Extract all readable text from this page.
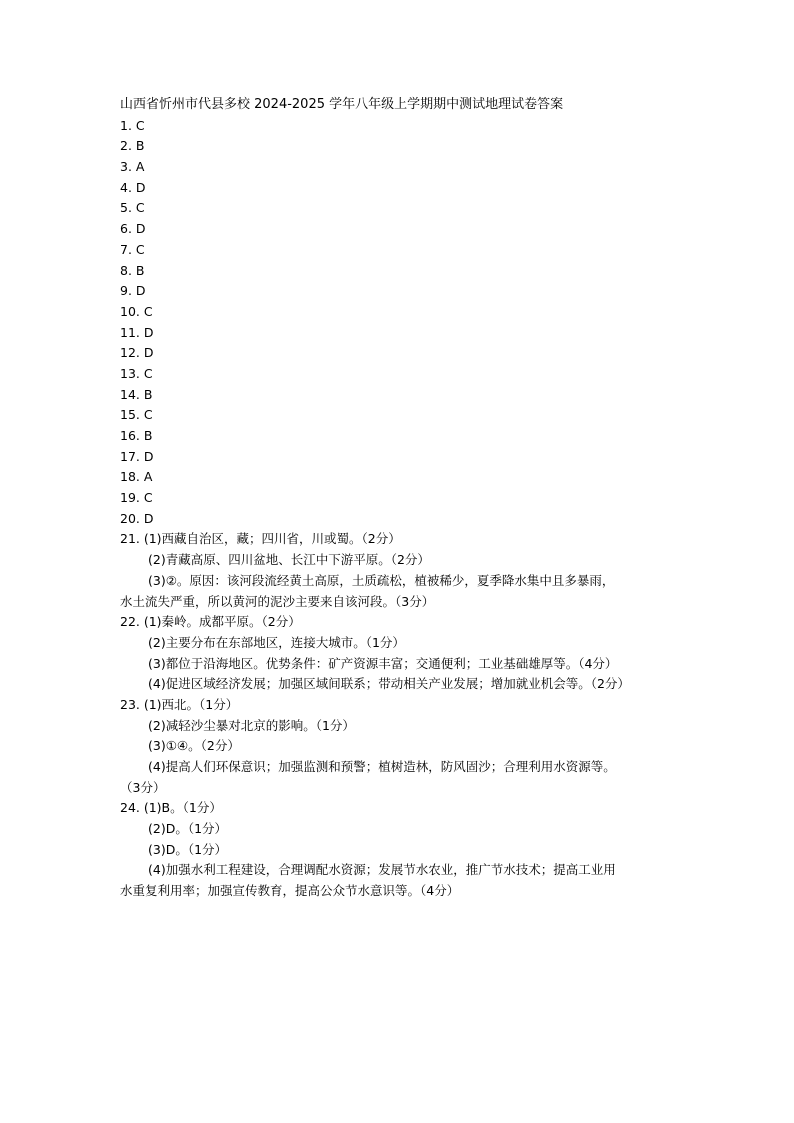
山西省忻州市代县多校 2024-2025 学年八年级上学期期中测试地理试卷答案
1. C
2. B
3. A
4. D
5. C
6. D
7. C
8. B
9. D
10. C
11. D
12. D
13. C
14. B
15. C
16. B
17. D
18. A
19. C
20. D
21. (1)西藏自治区，藏；四川省，川或蜀。（2分）
(2)青藏高原、四川盆地、长江中下游平原。（2分）
(3)②。原因：该河段流经黄土高原，土质疏松，植被稀少，夏季降水集中且多暴雨，
水土流失严重，所以黄河的泥沙主要来自该河段。（3分）
22. (1)秦岭。成都平原。（2分）
(2)主要分布在东部地区，连接大城市。（1分）
(3)都位于沿海地区。优势条件：矿产资源丰富；交通便利；工业基础雄厚等。（4分）
(4)促进区域经济发展；加强区域间联系；带动相关产业发展；增加就业机会等。（2分）
23. (1)西北。（1分）
(2)减轻沙尘暴对北京的影响。（1分）
(3)①④。（2分）
(4)提高人们环保意识；加强监测和预警；植树造林，防风固沙；合理利用水资源等。
（3分）
24. (1)B。（1分）
(2)D。（1分）
(3)D。（1分）
(4)加强水利工程建设，合理调配水资源；发展节水农业，推广节水技术；提高工业用
水重复利用率；加强宣传教育，提高公众节水意识等。（4分）
